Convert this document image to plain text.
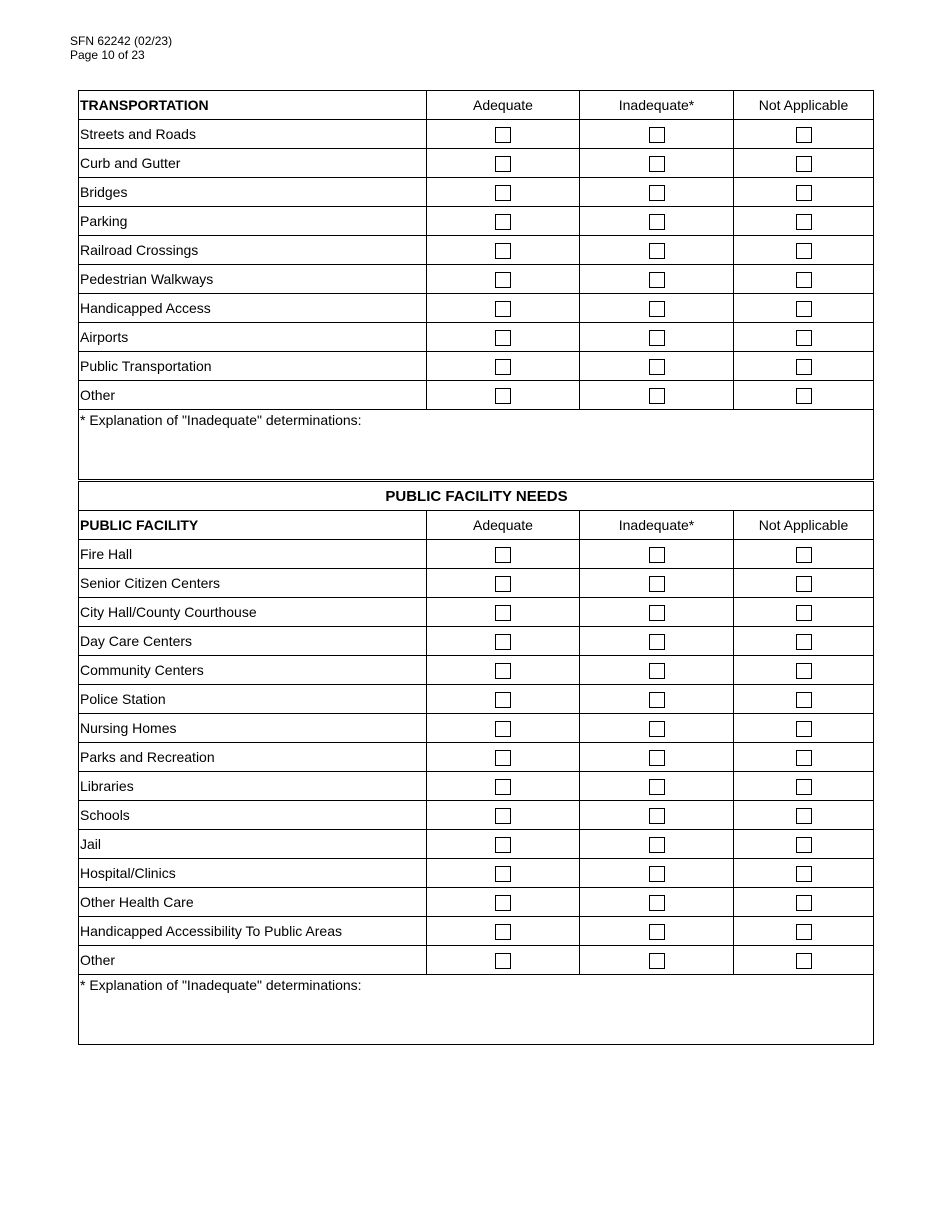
SFN 62242 (02/23)
Page 10 of 23
TRANSPORTATION	Adequate	Inadequate*	Not Applicable
Streets and Roads			
Curb and Gutter			
Bridges			
Parking			
Railroad Crossings			
Pedestrian Walkways			
Handicapped Access			
Airports			
Public Transportation			
Other			
* Explanation of "Inadequate" determinations:			
PUBLIC FACILITY NEEDS			
PUBLIC FACILITY	Adequate	Inadequate*	Not Applicable
Fire Hall			
Senior Citizen Centers			
City Hall/County Courthouse			
Day Care Centers			
Community Centers			
Police Station			
Nursing Homes			
Parks and Recreation			
Libraries			
Schools			
Jail			
Hospital/Clinics			
Other Health Care			
Handicapped Accessibility To Public Areas			
Other			
* Explanation of "Inadequate" determinations:			
